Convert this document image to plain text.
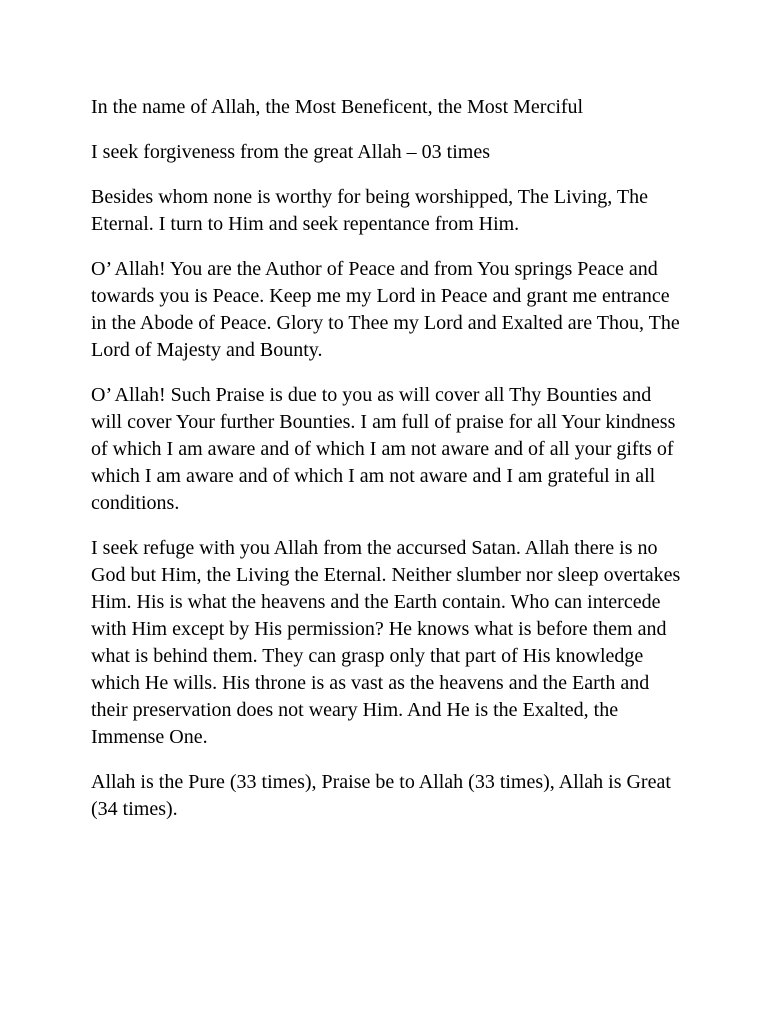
In the name of Allah, the Most Beneficent, the Most Merciful

I seek forgiveness from the great Allah – 03 times

Besides whom none is worthy for being worshipped, The Living, The Eternal. I turn to Him and seek repentance from Him.

O’ Allah! You are the Author of Peace and from You springs Peace and towards you is Peace. Keep me my Lord in Peace and grant me entrance in the Abode of Peace. Glory to Thee my Lord and Exalted are Thou, The Lord of Majesty and Bounty.

O’ Allah! Such Praise is due to you as will cover all Thy Bounties and will cover Your further Bounties. I am full of praise for all Your kindness of which I am aware and of which I am not aware and of all your gifts of which I am aware and of which I am not aware and I am grateful in all conditions.

I seek refuge with you Allah from the accursed Satan. Allah there is no God but Him, the Living the Eternal. Neither slumber nor sleep overtakes Him. His is what the heavens and the Earth contain. Who can intercede with Him except by His permission? He knows what is before them and what is behind them. They can grasp only that part of His knowledge which He wills. His throne is as vast as the heavens and the Earth and their preservation does not weary Him. And He is the Exalted, the Immense One.

Allah is the Pure (33 times), Praise be to Allah (33 times), Allah is Great (34 times).
